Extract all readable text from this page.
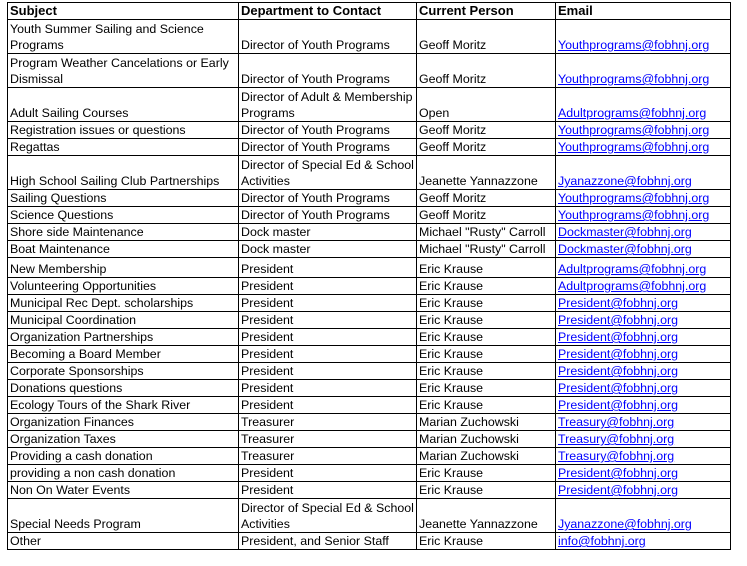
Subject	Department to Contact	Current Person	Email
Youth Summer Sailing and Science Programs	Director of Youth Programs	Geoff Moritz	Youthprograms@fobhnj.org
Program Weather Cancelations or Early Dismissal	Director of Youth Programs	Geoff Moritz	Youthprograms@fobhnj.org
Adult Sailing Courses	Director of Adult & Membership Programs	Open	Adultprograms@fobhnj.org
Registration issues or questions	Director of Youth Programs	Geoff Moritz	Youthprograms@fobhnj.org
Regattas	Director of Youth Programs	Geoff Moritz	Youthprograms@fobhnj.org
High School Sailing Club Partnerships	Director of Special Ed & School Activities	Jeanette Yannazzone	Jyanazzone@fobhnj.org
Sailing Questions	Director of Youth Programs	Geoff Moritz	Youthprograms@fobhnj.org
Science Questions	Director of Youth Programs	Geoff Moritz	Youthprograms@fobhnj.org
Shore side Maintenance	Dock master	Michael "Rusty" Carroll	Dockmaster@fobhnj.org
Boat Maintenance	Dock master	Michael "Rusty" Carroll	Dockmaster@fobhnj.org
New Membership	President	Eric Krause	Adultprograms@fobhnj.org
Volunteering Opportunities	President	Eric Krause	Adultprograms@fobhnj.org
Municipal Rec Dept. scholarships	President	Eric Krause	President@fobhnj.org
Municipal Coordination	President	Eric Krause	President@fobhnj.org
Organization Partnerships	President	Eric Krause	President@fobhnj.org
Becoming a Board Member	President	Eric Krause	President@fobhnj.org
Corporate Sponsorships	President	Eric Krause	President@fobhnj.org
Donations questions	President	Eric Krause	President@fobhnj.org
Ecology Tours of the Shark River	President	Eric Krause	President@fobhnj.org
Organization Finances	Treasurer	Marian Zuchowski	Treasury@fobhnj.org
Organization Taxes	Treasurer	Marian Zuchowski	Treasury@fobhnj.org
Providing a cash donation	Treasurer	Marian Zuchowski	Treasury@fobhnj.org
providing a non cash donation	President	Eric Krause	President@fobhnj.org
Non On Water Events	President	Eric Krause	President@fobhnj.org
Special Needs Program	Director of Special Ed & School Activities	Jeanette Yannazzone	Jyanazzone@fobhnj.org
Other	President, and Senior Staff	Eric Krause	info@fobhnj.org
